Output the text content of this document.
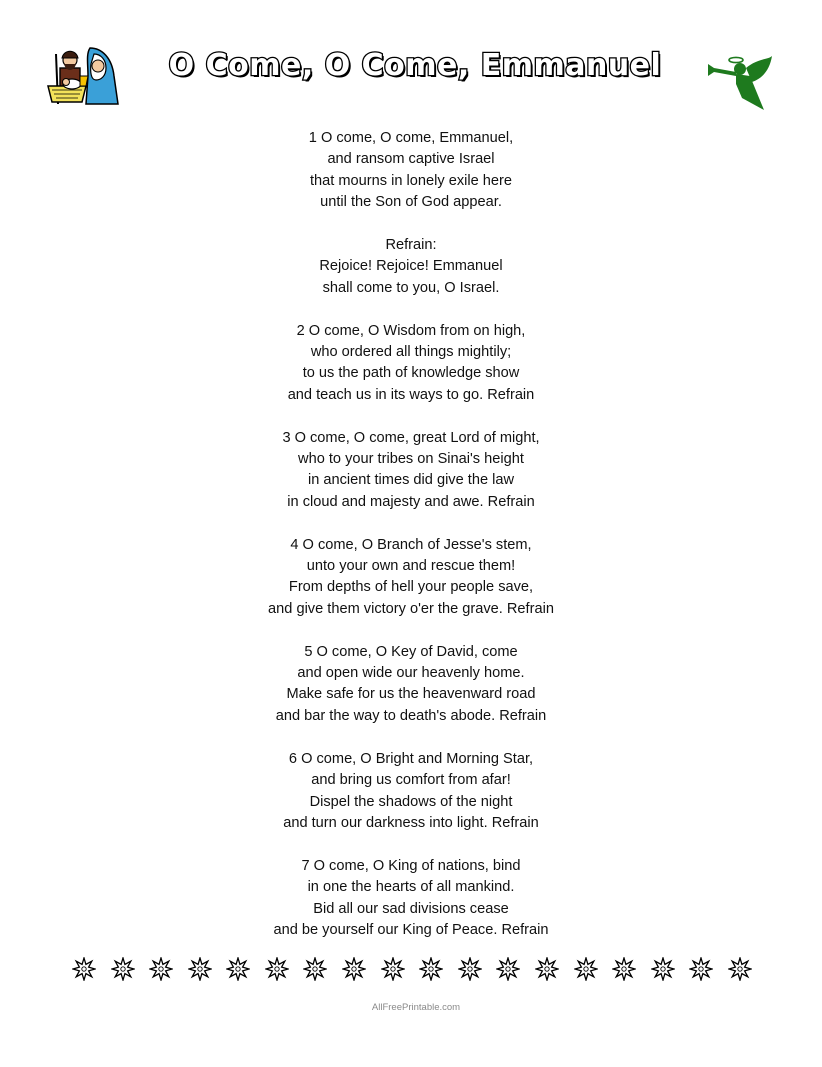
O Come, O Come, Emmanuel
1 O come, O come, Emmanuel,
and ransom captive Israel
that mourns in lonely exile here
until the Son of God appear.
Refrain:
Rejoice! Rejoice! Emmanuel
shall come to you, O Israel.
2 O come, O Wisdom from on high,
who ordered all things mightily;
to us the path of knowledge show
and teach us in its ways to go. Refrain
3 O come, O come, great Lord of might,
who to your tribes on Sinai's height
in ancient times did give the law
in cloud and majesty and awe. Refrain
4 O come, O Branch of Jesse's stem,
unto your own and rescue them!
From depths of hell your people save,
and give them victory o'er the grave. Refrain
5 O come, O Key of David, come
and open wide our heavenly home.
Make safe for us the heavenward road
and bar the way to death's abode. Refrain
6 O come, O Bright and Morning Star,
and bring us comfort from afar!
Dispel the shadows of the night
and turn our darkness into light. Refrain
7 O come, O King of nations, bind
in one the hearts of all mankind.
Bid all our sad divisions cease
and be yourself our King of Peace. Refrain
AllFreePrintable.com
